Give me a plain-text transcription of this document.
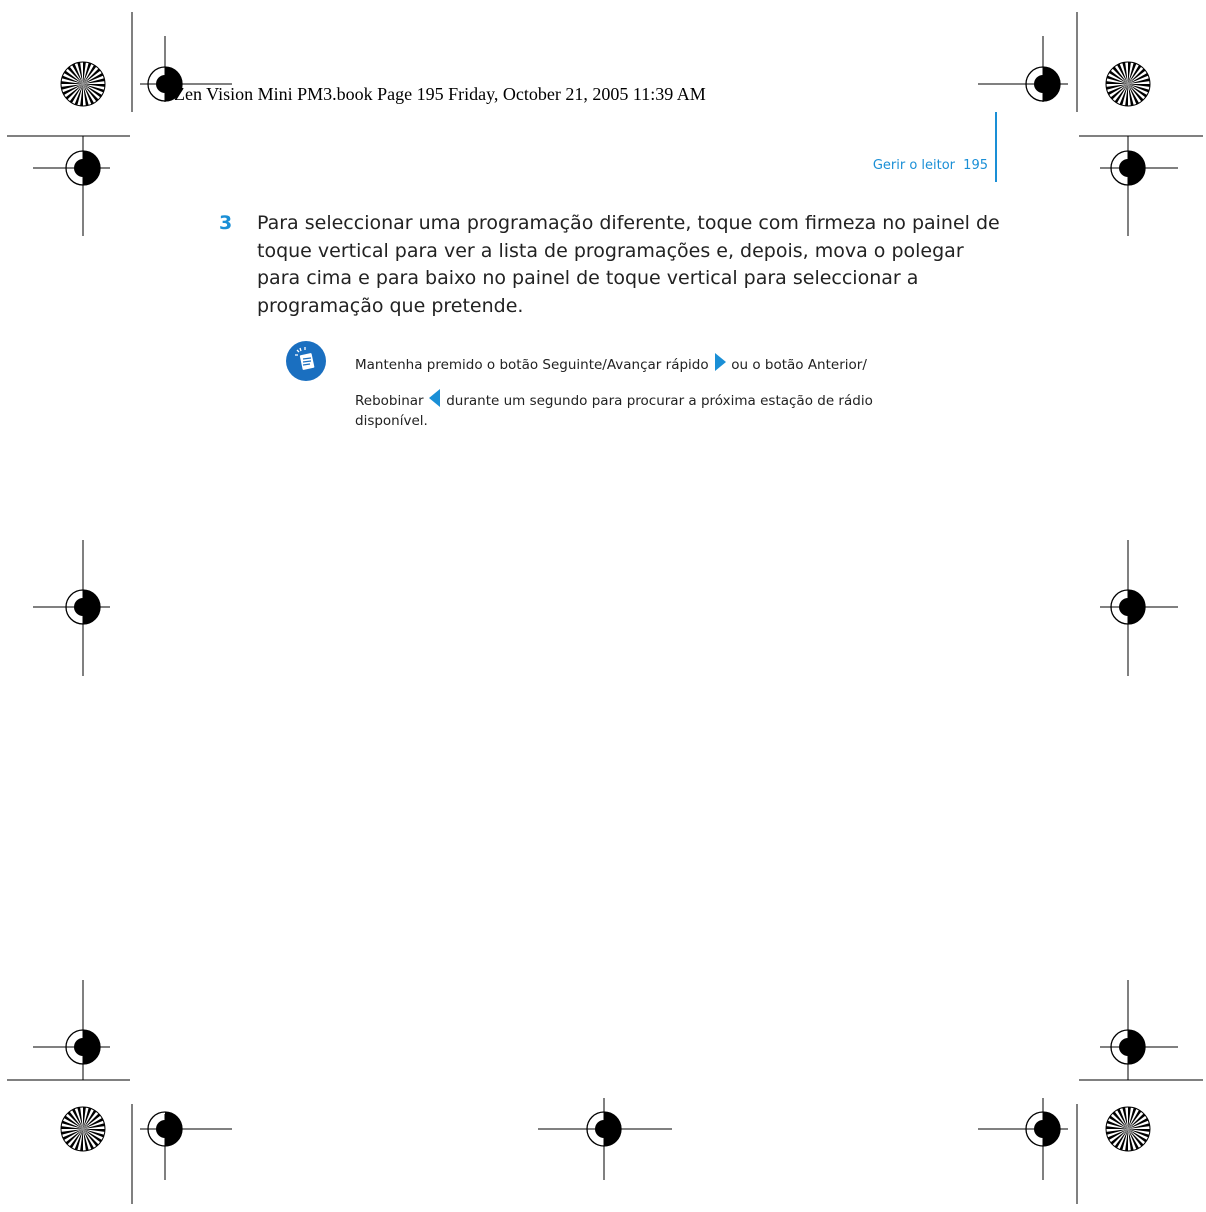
Zen Vision Mini PM3.book Page 195 Friday, October 21, 2005 11:39 AM
Gerir o leitor 195
3 Para seleccionar uma programação diferente, toque com firmeza no painel de toque vertical para ver a lista de programações e, depois, mova o polegar para cima e para baixo no painel de toque vertical para seleccionar a programação que pretende.
Mantenha premido o botão Seguinte/Avançar rápido ou o botão Anterior/
Rebobinar durante um segundo para procurar a próxima estação de rádio
disponível.
